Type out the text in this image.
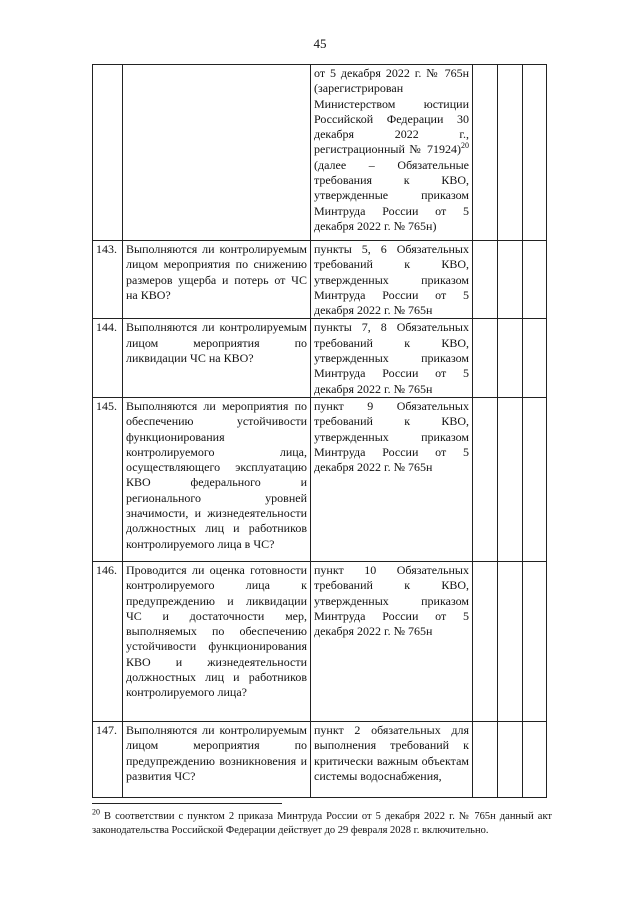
45
		от 5 декабря 2022 г. № 765н (зарегистрирован Министерством юстиции Российской Федерации 30 декабря 2022 г., регистрационный № 71924)$^{20}$ (далее – Обязательные требования к КВО, утвержденные приказом Минтруда России от 5 декабря 2022 г. № 765н)			
143.	Выполняются ли контролируемым лицом мероприятия по снижению размеров ущерба и потерь от ЧС на КВО?	пункты 5, 6 Обязательных требований к КВО, утвержденных приказом Минтруда России от 5 декабря 2022 г. № 765н			
144.	Выполняются ли контролируемым лицом мероприятия по ликвидации ЧС на КВО?	пункты 7, 8 Обязательных требований к КВО, утвержденных приказом Минтруда России от 5 декабря 2022 г. № 765н			
145.	Выполняются ли мероприятия по обеспечению устойчивости функционирования контролируемого лица, осуществляющего эксплуатацию КВО федерального и регионального уровней значимости, и жизнедеятельности должностных лиц и работников контролируемого лица в ЧС?	пункт 9 Обязательных требований к КВО, утвержденных приказом Минтруда России от 5 декабря 2022 г. № 765н			
146.	Проводится ли оценка готовности контролируемого лица к предупреждению и ликвидации ЧС и достаточности мер, выполняемых по обеспечению устойчивости функционирования КВО и жизнедеятельности должностных лиц и работников контролируемого лица?	пункт 10 Обязательных требований к КВО, утвержденных приказом Минтруда России от 5 декабря 2022 г. № 765н			
147.	Выполняются ли контролируемым лицом мероприятия по предупреждению возникновения и развития ЧС?	пункт 2 обязательных для выполнения требований к критически важным объектам системы водоснабжения,			
$^{20}$ В соответствии с пунктом 2 приказа Минтруда России от 5 декабря 2022 г. № 765н данный акт законодательства Российской Федерации действует до 29 февраля 2028 г. включительно.
